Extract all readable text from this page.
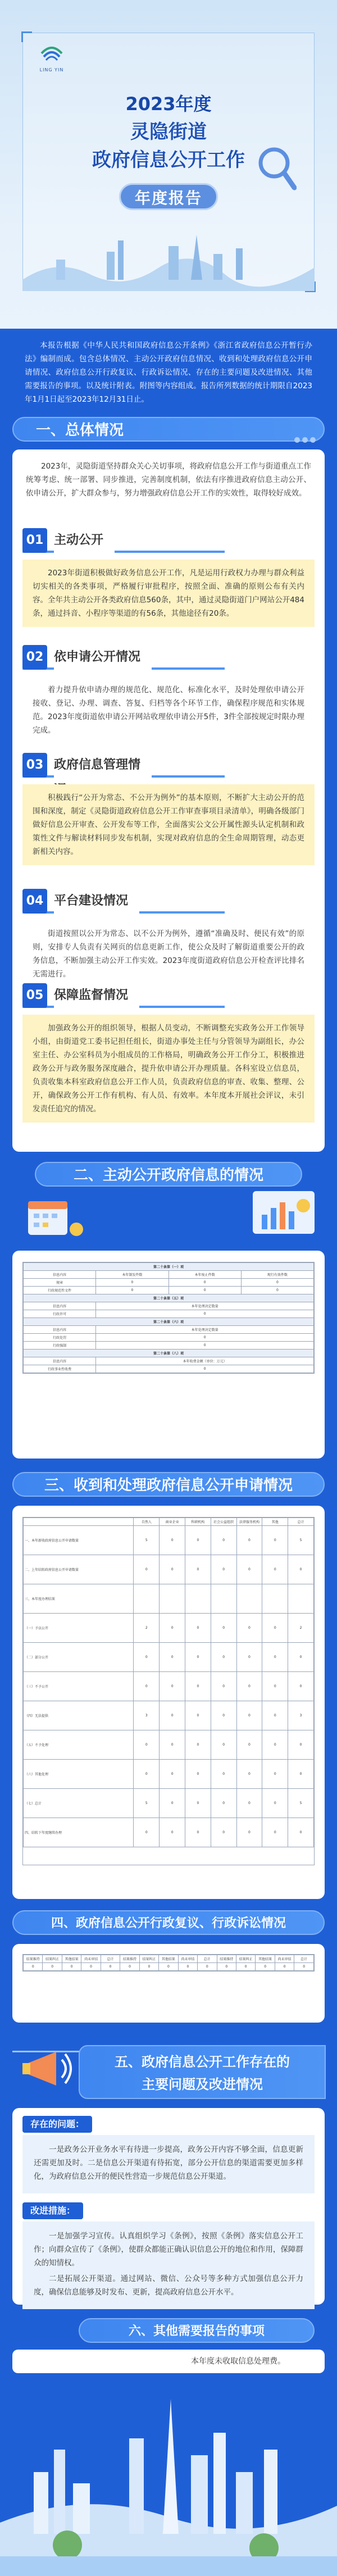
LING YIN
2023年度
灵隐街道
政府信息公开工作
年度报告

本报告根据《中华人民共和国政府信息公开条例》《浙江省政府信息公开暂行办法》编制而成。包含总体情况、主动公开政府信息情况、收到和处理政府信息公开申请情况、政府信息公开行政复议、行政诉讼情况、存在的主要问题及改进情况、其他需要报告的事项。以及统计附表。附图等内容组成。报告所列数据的统计期限自2023年1月1日起至2023年12月31日止。

一、总体情况

2023年，灵隐街道坚持群众关心关切事项，将政府信息公开工作与街道重点工作统筹考虑、统一部署、同步推进，完善制度机制，依法有序推进政府信息主动公开、依申请公开，扩大群众参与，努力增强政府信息公开工作的实效性，取得较好成效。

01 主动公开

2023年街道积极做好政务信息公开工作，凡是运用行政权力办理与群众利益切实相关的各类事项，严格履行审批程序，按照全面、准确的原则公布有关内容。全年共主动公开各类政府信息560条，其中，通过灵隐街道门户网站公开484条，通过抖音、小程序等渠道的有56条，其他途径有20条。

02 依申请公开情况

着力提升依申请办理的规范化、规范化、标准化水平，及时处理依申请公开接收、登记、办理、调查、答复、归档等各个环节工作，确保程序规范和实体规范。2023年度街道依申请公开网站收理依申请公开5件，3件全部按规定时限办理完成。

03 政府信息管理情

积极践行“公开为常态、不公开为例外”的基本原则，不断扩大主动公开的范围和深度，制定《灵隐街道政府信息公开工作审查事项目录清单》，明确各级部门做好信息公开审查、公开发布等工作，全面落实公文公开属性源头认定机制和政策性文件与解读材料同步发布机制，实现对政府信息的全生命周期管理，动态更新相关内容。

04 平台建设情况

街道按照以公开为常态、以不公开为例外，遵循“准确及时、便民有效”的原则，安排专人负责有关网页的信息更新工作，使公众及时了解街道重要公开的政务信息，不断加强主动公开工作实效。2023年度街道政府信息公开检查评比排名无需进行。

05 保障监督情况

加强政务公开的组织领导，根据人员变动，不断调整充实政务公开工作领导小组，由街道党工委书记担任组长，街道办事处主任与分管领导为副组长，办公室主任、办公室科员为小组成员的工作格局，明确政务公开工作分工，积极推进政务公开与政务服务深度融合，提升依申请公开办理质量。各科室设立信息员，负责收集本科室政府信息公开工作人员，负责政府信息的审查、收集、整理、公开，确保政务公开工作有机构、有人员、有效率。本年度本开展社会评议，未引发责任追究的情况。

二、主动公开政府信息的情况
第二十条第（一）项			
信息内容	本年制发件数	本年废止件数	现行有效件数
规章	0	0	0
行政规范性文件	0	0	0
第二十条第（五）项			
信息内容	本年处理决定数量		
行政许可	0		
第二十条第（六）项			
信息内容	本年处理决定数量		
行政处罚	0		
行政强制	0		
第二十条第（八）项			
信息内容	本年收费金额（单位：万元）		
行政事业性收费	0		
三、收到和处理政府信息公开申请情况
	自然人	商业企业	科研机构	社会公益组织	法律服务机构	其他	总计
一、本年新收政府信息公开申请数量	5	0	0	0	0	0	5
二、上年结转政府信息公开申请数量	0	0	0	0	0	0	0
三、本年度办理结果							
（一）予以公开	2	0	0	0	0	0	2
（二）部分公开	0	0	0	0	0	0	0
（三）不予公开	0	0	0	0	0	0	0
（四）无法提供	3	0	0	0	0	0	3
（五）不予处理	0	0	0	0	0	0	0
（六）其他处理	0	0	0	0	0	0	0
（七）总计	5	0	0	0	0	0	5
四、结转下年度继续办理	0	0	0	0	0	0	0
四、政府信息公开行政复议、行政诉讼情况
结果维持	结果纠正	其他结果	尚未审结	总计	结果维持	结果纠正	其他结果	尚未审结	总计	结果维持	结果纠正	其他结果	尚未审结	总计
0	0	0	0	0	0	0	0	0	0	0	0	0	0	0
五、政府信息公开工作存在的
主要问题及改进情况
存在的问题：

一是政务公开业务水平有待进一步提高，政务公开内容不够全面，信息更新还需更加及时。二是信息公开渠道有待拓宽，部分公开信息的渠道需要更加多样化，为政府信息公开的便民性营造一步规范信息公开渠道。

改进措施：

一是加强学习宣传。认真组织学习《条例》，按照《条例》落实信息公开工作；向群众宣传了《条例》，使群众都能正确认识信息公开的地位和作用，保障群众的知情权。

二是拓展公开渠道。通过网站、微信、公众号等多种方式加强信息公开力度，确保信息能够及时发布、更新，提高政府信息公开水平。

六、其他需要报告的事项
本年度未收取信息处理费。
